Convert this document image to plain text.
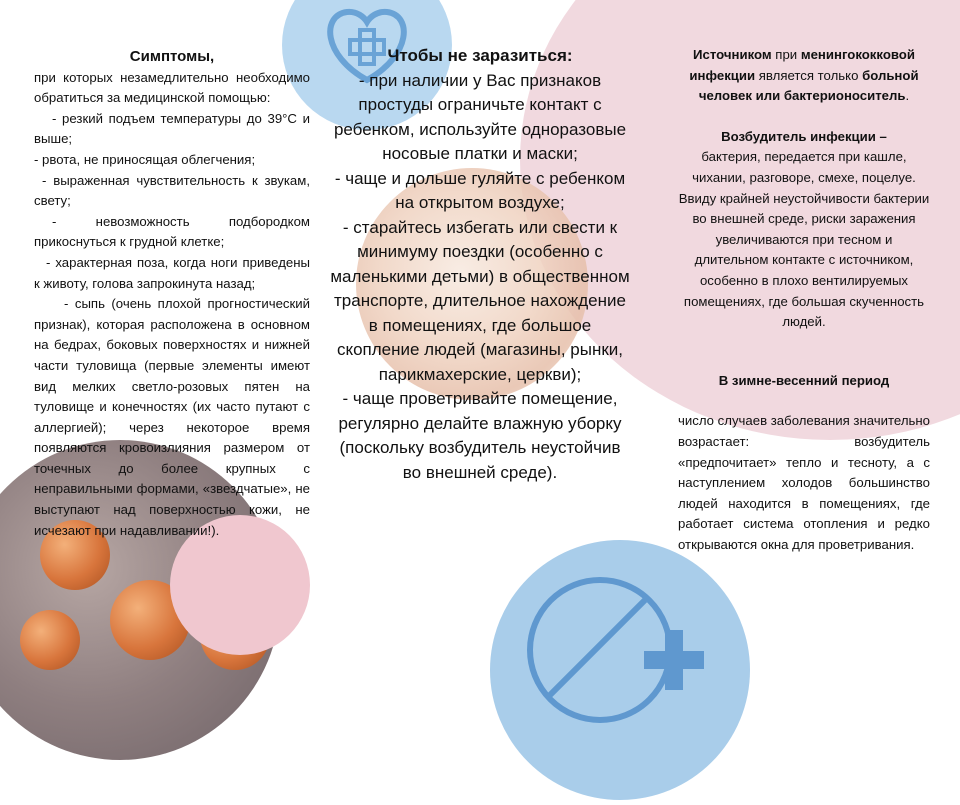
Симптомы,

при которых незамедлительно необходимо обратиться за медицинской помощью:

- резкий подъем температуры до 39°С и выше;

- рвота, не приносящая облегчения;

- выраженная чувствительность к звукам, свету;

- невозможность подбородком прикоснуться к грудной клетке;

- характерная поза, когда ноги приведены к животу, голова запрокинута назад;

- сыпь (очень плохой прогностический признак), которая расположена в основном на бедрах, боковых поверхностях и нижней части туловища (первые элементы имеют вид мелких светло-розовых пятен на туловище и конечностях (их часто путают с аллергией); через некоторое время появляются кровоизлияния размером от точечных до более крупных с неправильными формами, «звездчатые», не выступают над поверхностью кожи, не исчезают при надавливании!).

Чтобы не заразиться:

- при наличии у Вас признаков простуды ограничьте контакт с ребенком, используйте одноразовые носовые платки и маски;

- чаще и дольше гуляйте с ребенком на открытом воздухе;

- старайтесь избегать или свести к минимуму поездки (особенно с маленькими детьми) в общественном транспорте, длительное нахождение в помещениях, где большое скопление людей (магазины, рынки, парикмахерские, церкви);

- чаще проветривайте помещение, регулярно делайте влажную уборку (поскольку возбудитель неустойчив во внешней среде).

Источником при менингококковой инфекции является только больной человек или бактерионоситель.

Возбудитель инфекции –

бактерия, передается при кашле, чихании, разговоре, смехе, поцелуе. Ввиду крайней неустойчивости бактерии во внешней среде, риски заражения увеличиваются при тесном и длительном контакте с источником, особенно в плохо вентилируемых помещениях, где большая скученность людей.

В зимне-весенний период

число случаев заболевания значительно возрастает: возбудитель «предпочитает» тепло и тесноту, а с наступлением холодов большинство людей находится в помещениях, где работает система отопления и редко открываются окна для проветривания.
